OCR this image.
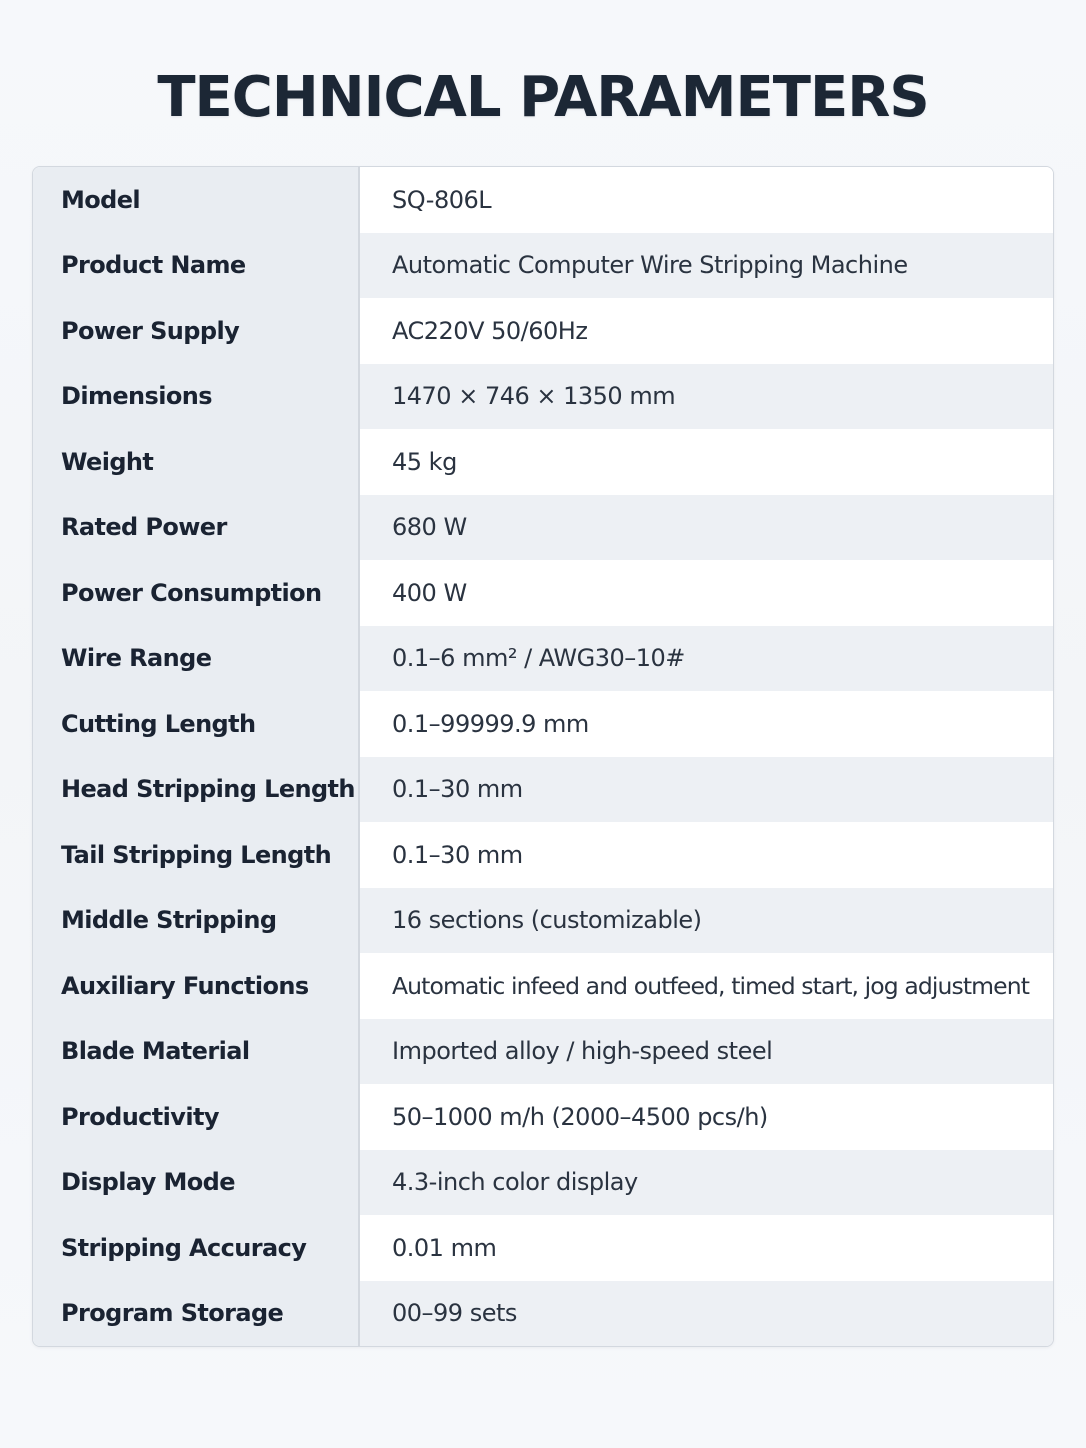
TECHNICAL PARAMETERS
Model	SQ-806L
Product Name	Automatic Computer Wire Stripping Machine
Power Supply	AC220V 50/60Hz
Dimensions	1470 × 746 × 1350 mm
Weight	45 kg
Rated Power	680 W
Power Consumption	400 W
Wire Range	0.1–6 mm² / AWG30–10#
Cutting Length	0.1–99999.9 mm
Head Stripping Length	0.1–30 mm
Tail Stripping Length	0.1–30 mm
Middle Stripping	16 sections (customizable)
Auxiliary Functions	Automatic infeed and outfeed, timed start, jog adjustment
Blade Material	Imported alloy / high-speed steel
Productivity	50–1000 m/h (2000–4500 pcs/h)
Display Mode	4.3-inch color display
Stripping Accuracy	0.01 mm
Program Storage	00–99 sets
